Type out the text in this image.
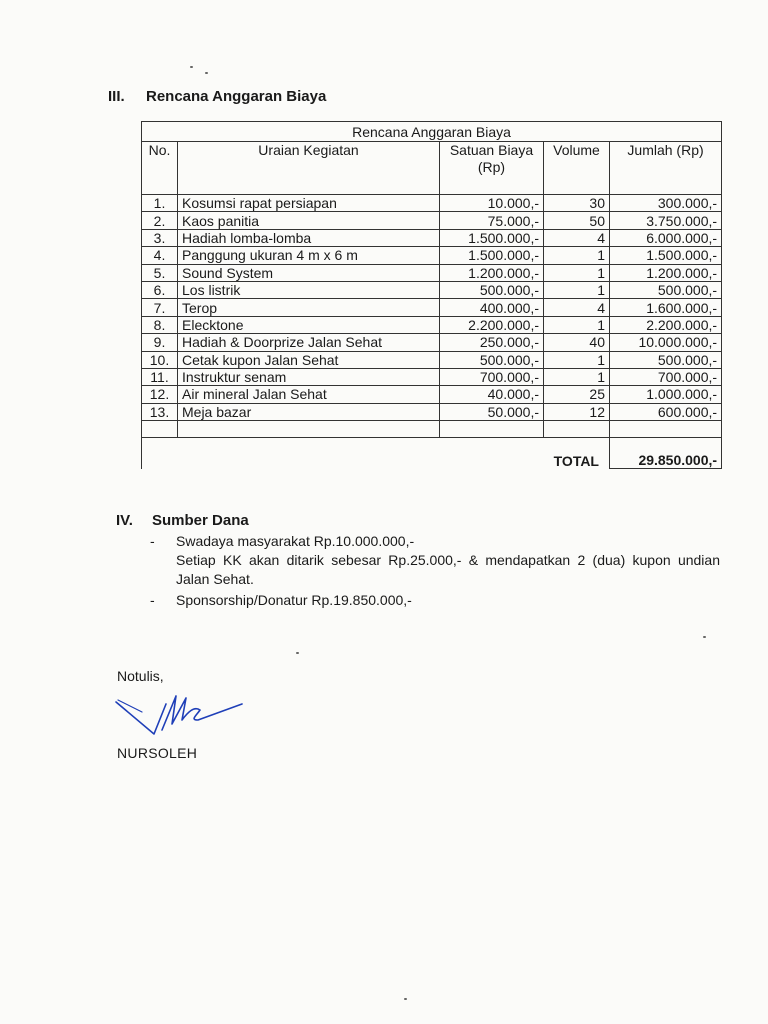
III. Rencana Anggaran Biaya
Rencana Anggaran Biaya				
No.	Uraian Kegiatan	Satuan Biaya (Rp)	Volume	Jumlah (Rp)
1.	Kosumsi rapat persiapan	10.000,-	30	300.000,-
2.	Kaos panitia	75.000,-	50	3.750.000,-
3.	Hadiah lomba-lomba	1.500.000,-	4	6.000.000,-
4.	Panggung ukuran 4 m x 6 m	1.500.000,-	1	1.500.000,-
5.	Sound System	1.200.000,-	1	1.200.000,-
6.	Los listrik	500.000,-	1	500.000,-
7.	Terop	400.000,-	4	1.600.000,-
8.	Elecktone	2.200.000,-	1	2.200.000,-
9.	Hadiah & Doorprize Jalan Sehat	250.000,-	40	10.000.000,-
10.	Cetak kupon Jalan Sehat	500.000,-	1	500.000,-
11.	Instruktur senam	700.000,-	1	700.000,-
12.	Air mineral Jalan Sehat	40.000,-	25	1.000.000,-
13.	Meja bazar	50.000,-	12	600.000,-

		TOTAL		29.850.000,-
IV. Sumber Dana
- Swadaya masyarakat Rp.10.000.000,-
Setiap KK akan ditarik sebesar Rp.25.000,- & mendapatkan 2 (dua) kupon undian Jalan Sehat.
- Sponsorship/Donatur Rp.19.850.000,-
Notulis,
NURSOLEH
